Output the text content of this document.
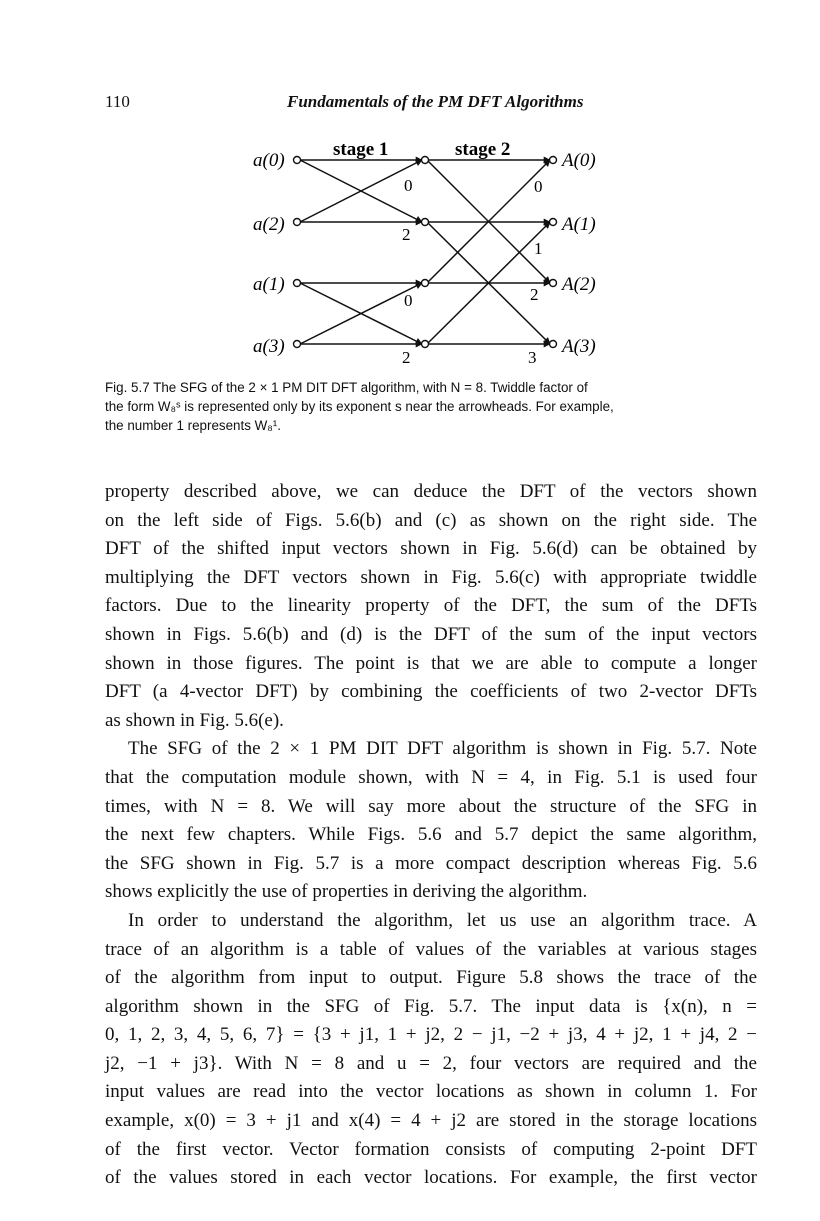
110	Fundamentals of the PM DFT Algorithms
stage 1	stage 2
a(0)
a(2)
a(1)
a(3)
A(0)
A(1)
A(2)
A(3)
0
2
0
2
0
1
2
3
Fig. 5.7 The SFG of the 2 × 1 PM DIT DFT algorithm, with N = 8. Twiddle factor of
the form W₈ˢ is represented only by its exponent s near the arrowheads. For example,
the number 1 represents W₈¹.

property described above, we can deduce the DFT of the vectors shown
on the left side of Figs. 5.6(b) and (c) as shown on the right side. The
DFT of the shifted input vectors shown in Fig. 5.6(d) can be obtained by
multiplying the DFT vectors shown in Fig. 5.6(c) with appropriate twiddle
factors. Due to the linearity property of the DFT, the sum of the DFTs
shown in Figs. 5.6(b) and (d) is the DFT of the sum of the input vectors
shown in those figures. The point is that we are able to compute a longer
DFT (a 4-vector DFT) by combining the coefficients of two 2-vector DFTs
as shown in Fig. 5.6(e).

The SFG of the 2 × 1 PM DIT DFT algorithm is shown in Fig. 5.7. Note
that the computation module shown, with N = 4, in Fig. 5.1 is used four
times, with N = 8. We will say more about the structure of the SFG in
the next few chapters. While Figs. 5.6 and 5.7 depict the same algorithm,
the SFG shown in Fig. 5.7 is a more compact description whereas Fig. 5.6
shows explicitly the use of properties in deriving the algorithm.

In order to understand the algorithm, let us use an algorithm trace. A
trace of an algorithm is a table of values of the variables at various stages
of the algorithm from input to output. Figure 5.8 shows the trace of the
algorithm shown in the SFG of Fig. 5.7. The input data is {x(n), n =
0, 1, 2, 3, 4, 5, 6, 7} = {3 + j1, 1 + j2, 2 − j1, −2 + j3, 4 + j2, 1 + j4, 2 −
j2, −1 + j3}. With N = 8 and u = 2, four vectors are required and the
input values are read into the vector locations as shown in column 1. For
example, x(0) = 3 + j1 and x(4) = 4 + j2 are stored in the storage locations
of the first vector. Vector formation consists of computing 2-point DFT
of the values stored in each vector locations. For example, the first vector
